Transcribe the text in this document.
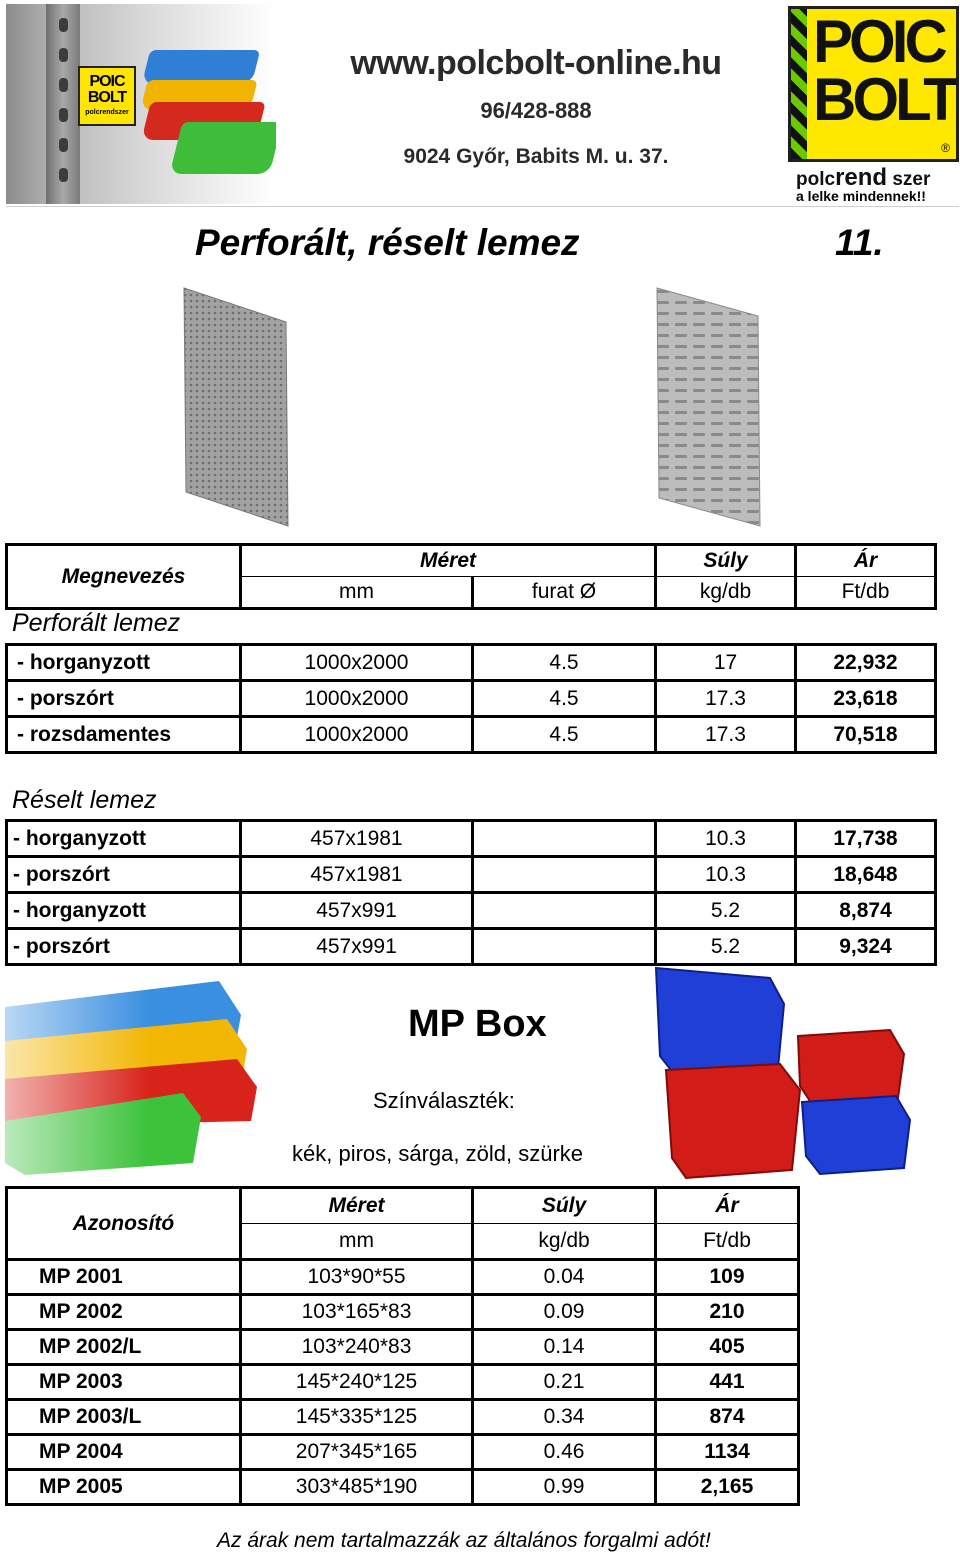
POIC BOLT
polcrendszer
www.polcbolt-online.hu
96/428-888
9024 Győr, Babits M. u. 37.
POIC BOLT
®
polcrend szer
a lelke mindennek!!
Perforált, réselt lemez	11.
Megnevezés	Méret		Súly	Ár
	mm	furat Ø	kg/db	Ft/db
Perforált lemez
- horganyzott	1000x2000	4.5	17	22,932
- porszórt	1000x2000	4.5	17.3	23,618
- rozsdamentes	1000x2000	4.5	17.3	70,518
Réselt lemez
- horganyzott	457x1981		10.3	17,738
- porszórt	457x1981		10.3	18,648
- horganyzott	457x991		5.2	8,874
- porszórt	457x991		5.2	9,324
MP Box
Színválaszték:
kék, piros, sárga, zöld, szürke
Azonosító	Méret	Súly	Ár
	mm	kg/db	Ft/db
MP 2001	103*90*55	0.04	109
MP 2002	103*165*83	0.09	210
MP 2002/L	103*240*83	0.14	405
MP 2003	145*240*125	0.21	441
MP 2003/L	145*335*125	0.34	874
MP 2004	207*345*165	0.46	1134
MP 2005	303*485*190	0.99	2,165
Az árak nem tartalmazzák az általános forgalmi adót!
